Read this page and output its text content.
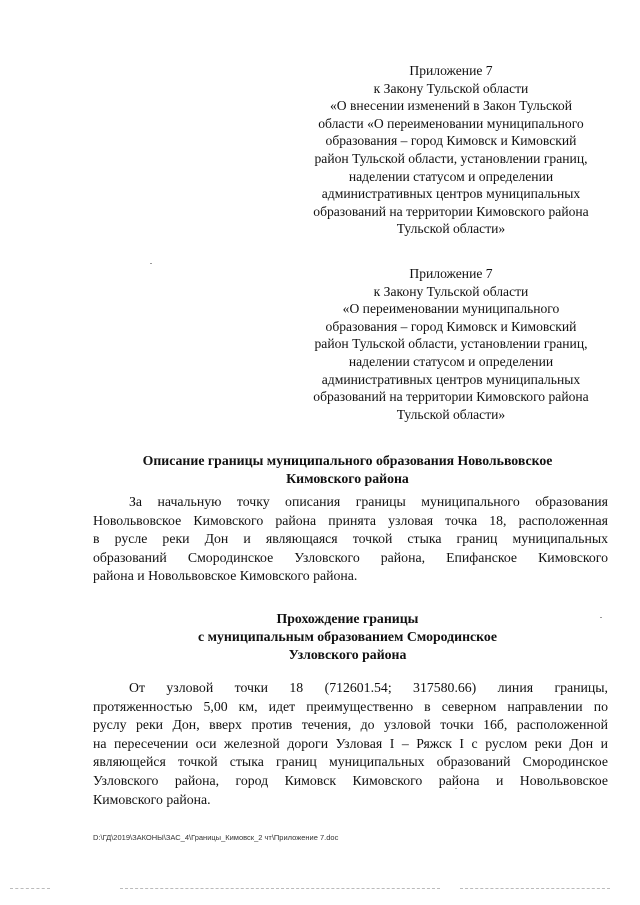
Приложение 7
к Закону Тульской области
«О внесении изменений в Закон Тульской
области «О переименовании муниципального
образования – город Кимовск и Кимовский
район Тульской области, установлении границ,
наделении статусом и определении
административных центров муниципальных
образований на территории Кимовского района
Тульской области»
Приложение 7
к Закону Тульской области
«О переименовании муниципального
образования – город Кимовск и Кимовский
район Тульской области, установлении границ,
наделении статусом и определении
административных центров муниципальных
образований на территории Кимовского района
Тульской области»
Описание границы муниципального образования Новольвовское
Кимовского района
За начальную точку описания границы муниципального образования
Новольвовское Кимовского района принята узловая точка 18, расположенная
в русле реки Дон и являющаяся точкой стыка границ муниципальных
образований Смородинское Узловского района, Епифанское Кимовского
района и Новольвовское Кимовского района.
Прохождение границы
с муниципальным образованием Смородинское
Узловского района
От узловой точки 18 (712601.54; 317580.66) линия границы,
протяженностью 5,00 км, идет преимущественно в северном направлении по
руслу реки Дон, вверх против течения, до узловой точки 16б, расположенной
на пересечении оси железной дороги Узловая I – Ряжск I с руслом реки Дон и
являющейся точкой стыка границ муниципальных образований Смородинское
Узловского района, город Кимовск Кимовского района и Новольвовское
Кимовского района.
D:\ГД\2019\ЗАКОНЫ\ЗАС_4\Границы_Кимовск_2 чт\Приложение 7.doc
